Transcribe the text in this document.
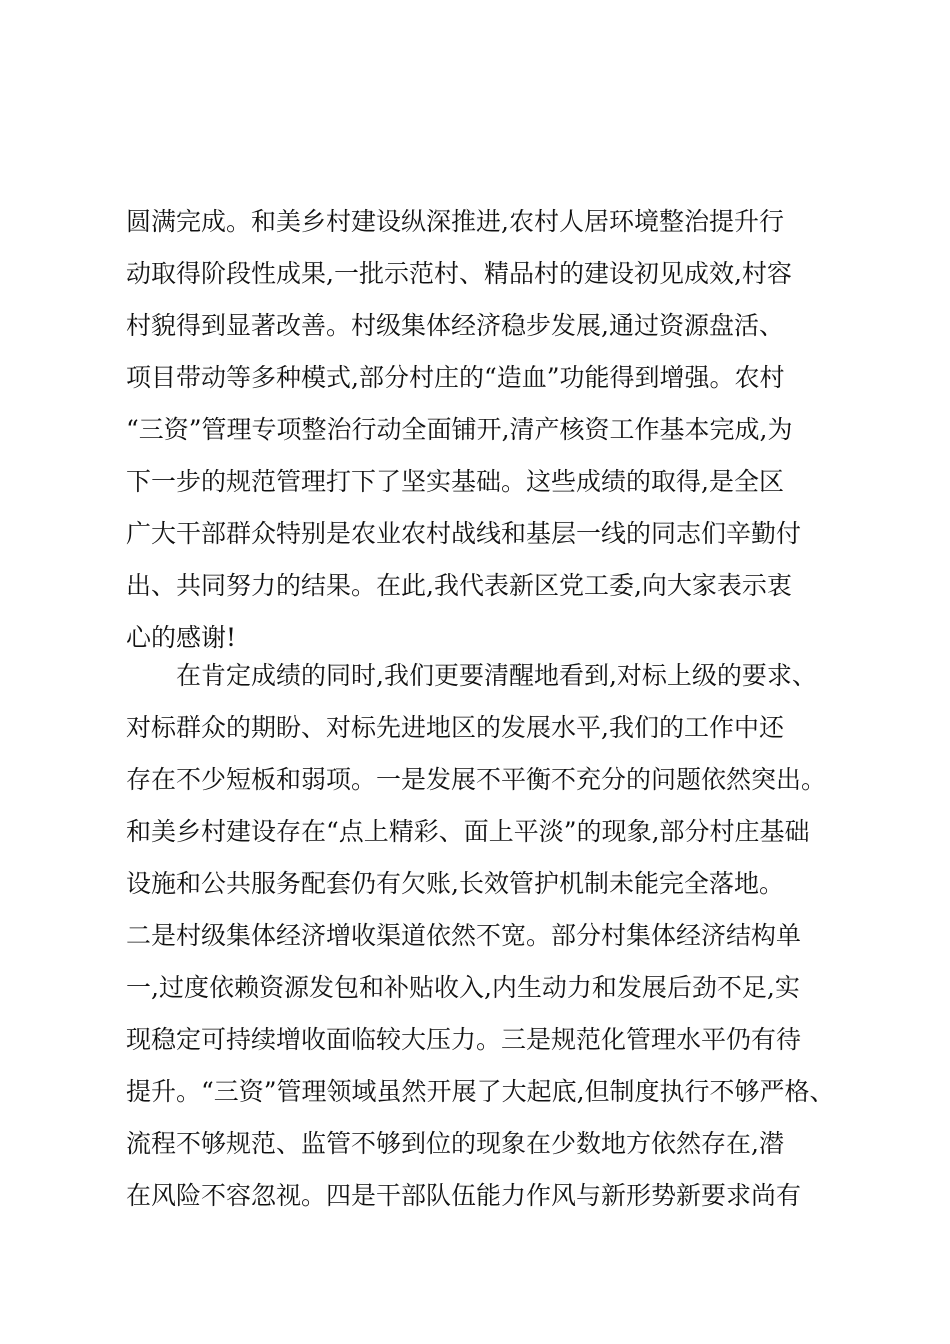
圆满完成。和美乡村建设纵深推进,农村人居环境整治提升行
动取得阶段性成果,一批示范村、精品村的建设初见成效,村容
村貌得到显著改善。村级集体经济稳步发展,通过资源盘活、
项目带动等多种模式,部分村庄的“造血”功能得到增强。农村
“三资”管理专项整治行动全面铺开,清产核资工作基本完成,为
下一步的规范管理打下了坚实基础。这些成绩的取得,是全区
广大干部群众特别是农业农村战线和基层一线的同志们辛勤付
出、共同努力的结果。在此,我代表新区党工委,向大家表示衷
心的感谢!
　　在肯定成绩的同时,我们更要清醒地看到,对标上级的要求、
对标群众的期盼、对标先进地区的发展水平,我们的工作中还
存在不少短板和弱项。一是发展不平衡不充分的问题依然突出。
和美乡村建设存在“点上精彩、面上平淡”的现象,部分村庄基础
设施和公共服务配套仍有欠账,长效管护机制未能完全落地。
二是村级集体经济增收渠道依然不宽。部分村集体经济结构单
一,过度依赖资源发包和补贴收入,内生动力和发展后劲不足,实
现稳定可持续增收面临较大压力。三是规范化管理水平仍有待
提升。“三资”管理领域虽然开展了大起底,但制度执行不够严格、
流程不够规范、监管不够到位的现象在少数地方依然存在,潜
在风险不容忽视。四是干部队伍能力作风与新形势新要求尚有
